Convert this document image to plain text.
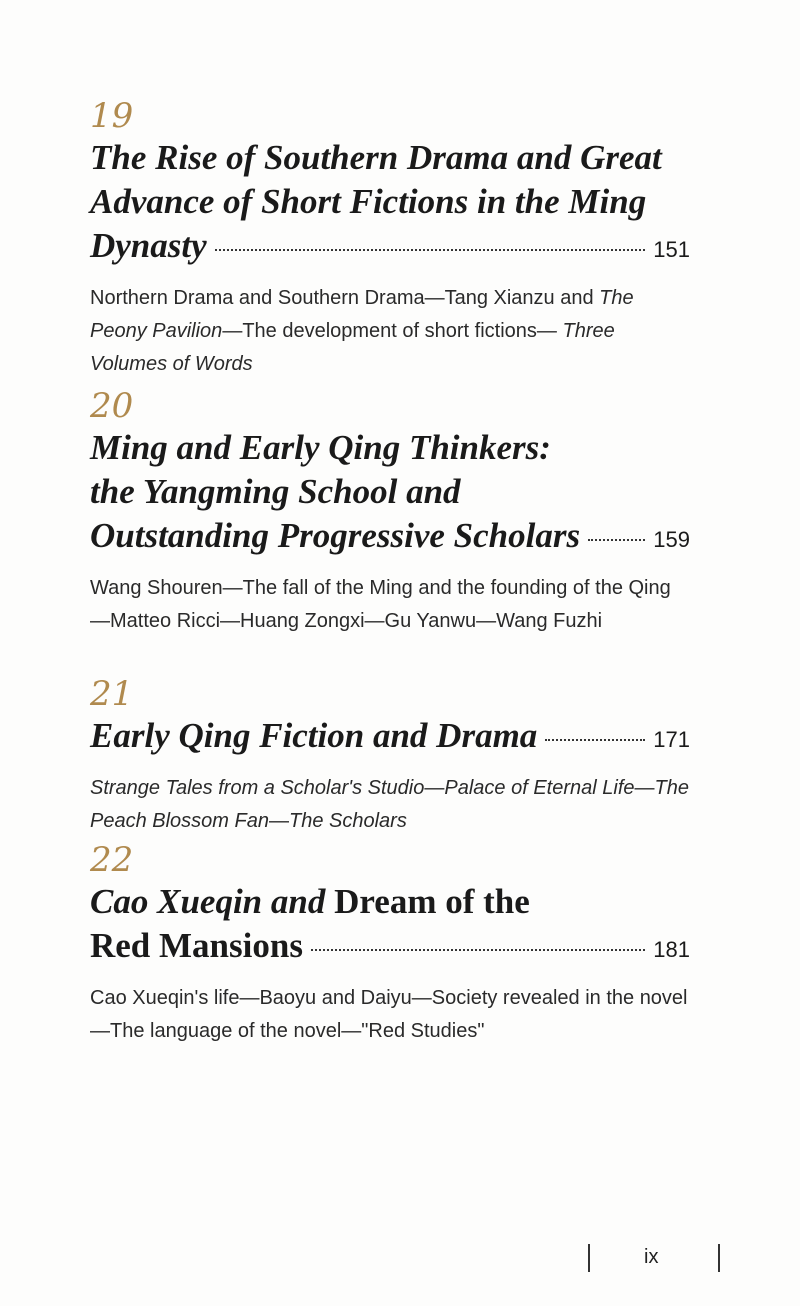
19

The Rise of Southern Drama and Great
Advance of Short Fictions in the Ming

Dynasty	151

Northern Drama and Southern Drama—Tang Xianzu and The Peony Pavilion—The development of short fictions— Three Volumes of Words

20

Ming and Early Qing Thinkers:
the Yangming School and

Outstanding Progressive Scholars	159

Wang Shouren—The fall of the Ming and the founding of the Qing—Matteo Ricci—Huang Zongxi—Gu Yanwu—Wang Fuzhi

21

Early Qing Fiction and Drama	171

Strange Tales from a Scholar's Studio—Palace of Eternal Life—The Peach Blossom Fan—The Scholars

22

Cao Xueqin and Dream of the

Red Mansions	181

Cao Xueqin's life—Baoyu and Daiyu—Society revealed in the novel—The language of the novel—"Red Studies"

ix
